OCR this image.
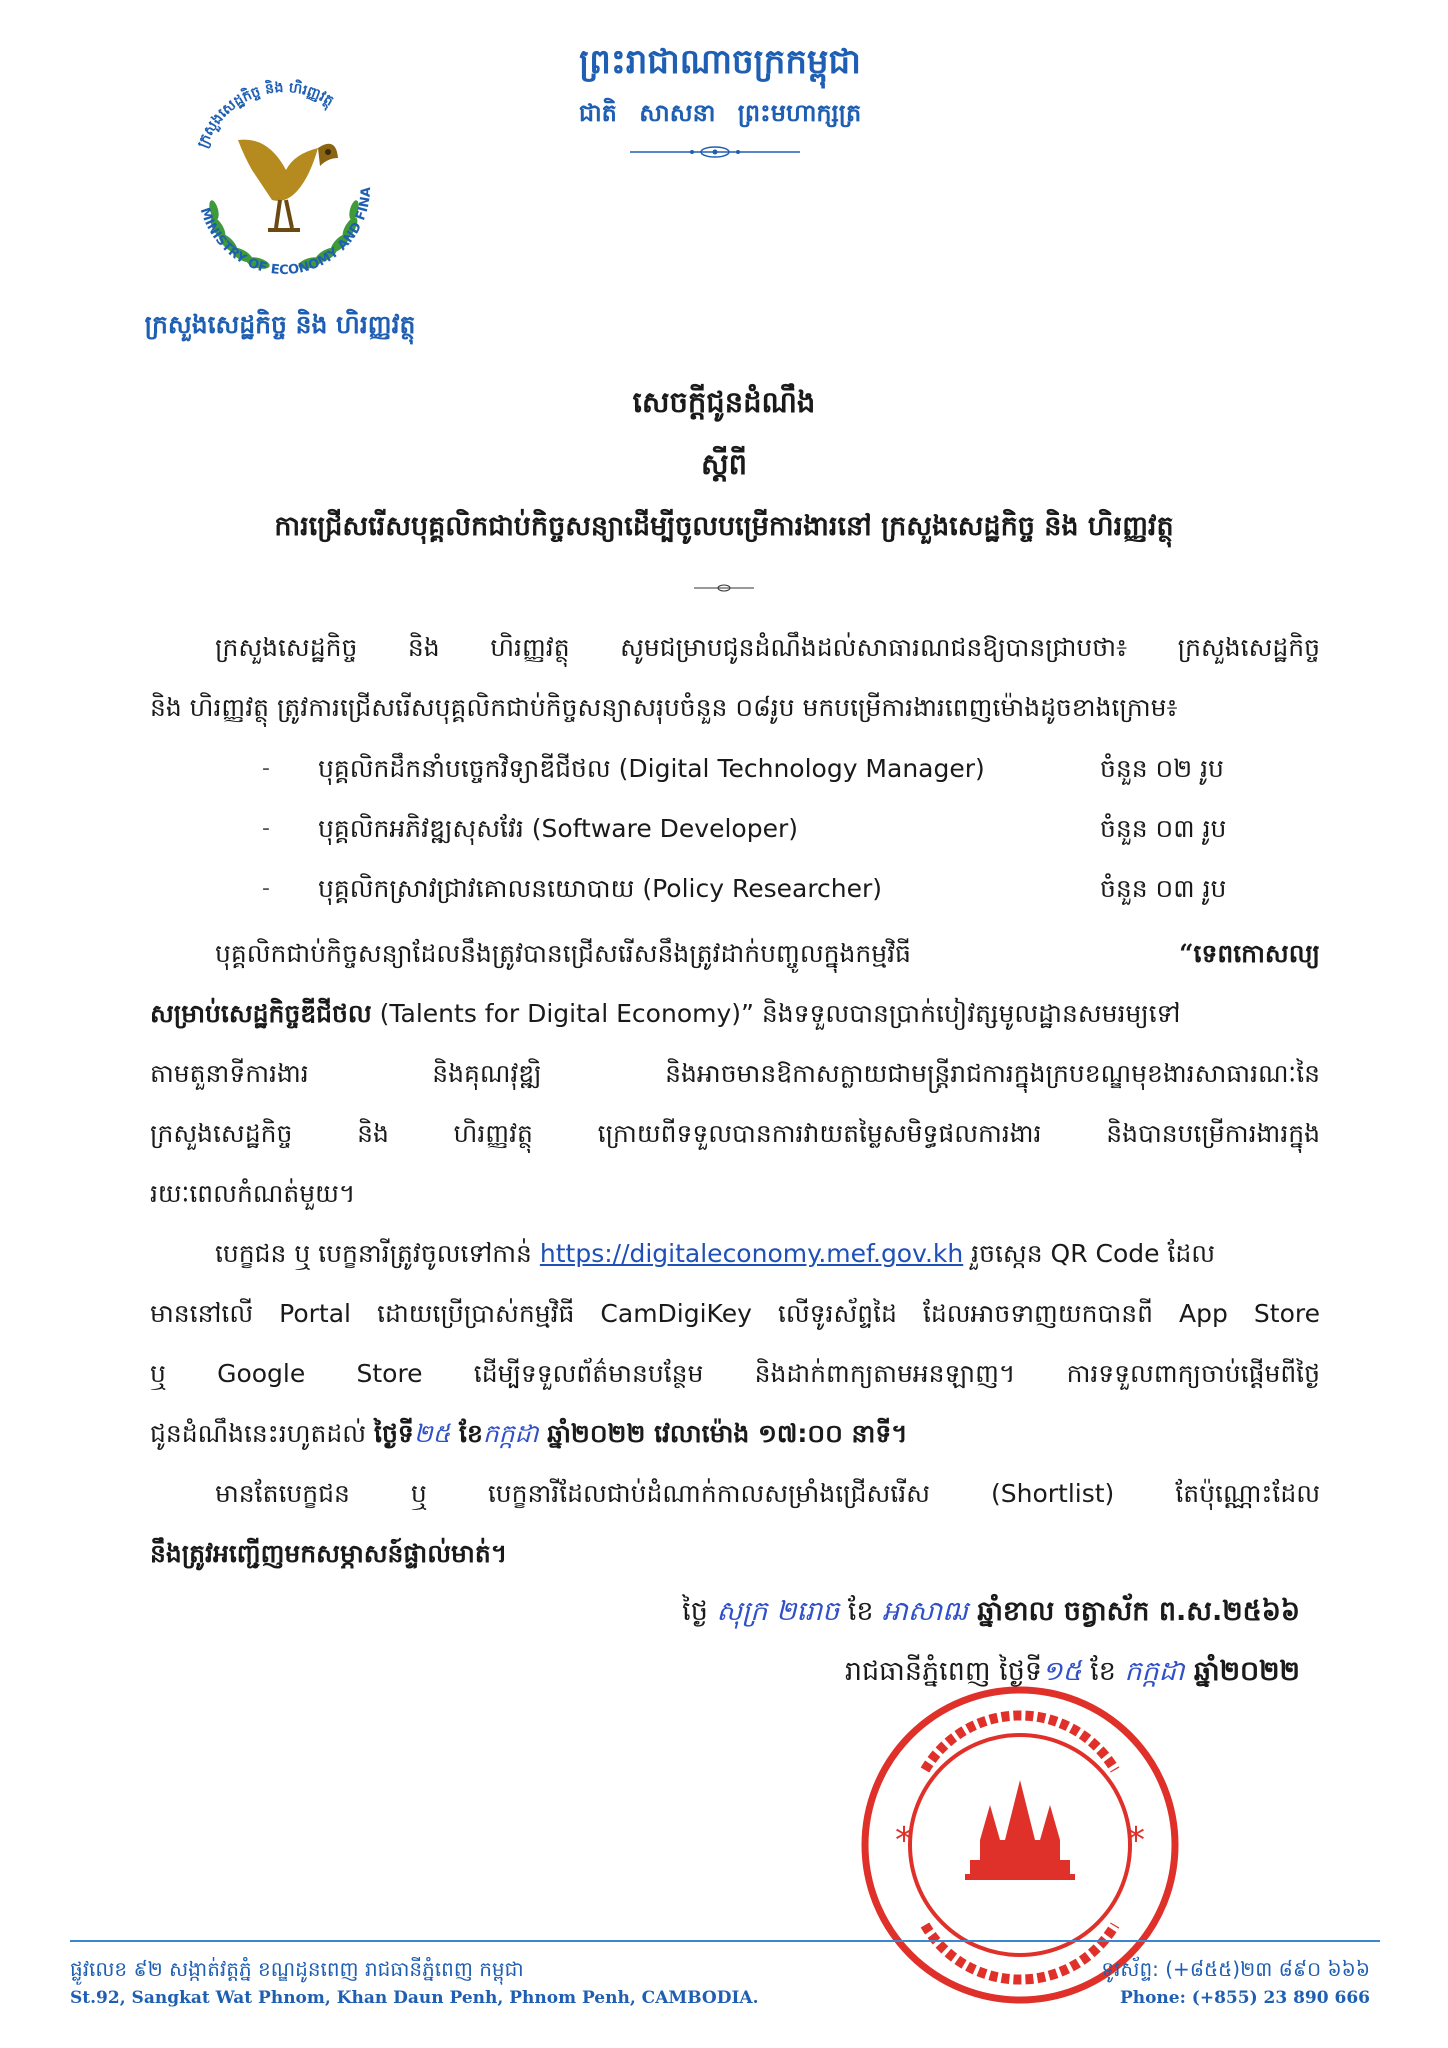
MINISTRY OF ECONOMY AND FINA
ក្រសួងសេដ្ឋកិច្ច និង ហិរញ្ញវត្ថុ
ព្រះរាជាណាចក្រកម្ពុជា
ជាតិ សាសនា ព្រះមហាក្សត្រ
ក្រសួងសេដ្ឋកិច្ច និង ហិរញ្ញវត្ថុ
សេចក្តីជូនដំណឹង
ស្តីពី
ការជ្រើសរើសបុគ្គលិកជាប់កិច្ចសន្យាដើម្បីចូលបម្រើការងារនៅ ក្រសួងសេដ្ឋកិច្ច និង ហិរញ្ញវត្ថុ
ក្រសួងសេដ្ឋកិច្ច និង ហិរញ្ញវត្ថុ សូមជម្រាបជូនដំណឹងដល់សាធារណជនឱ្យបានជ្រាបថា៖ ក្រសួងសេដ្ឋកិច្ច
និង ហិរញ្ញវត្ថុ ត្រូវការជ្រើសរើសបុគ្គលិកជាប់កិច្ចសន្យាសរុបចំនួន ០៨រូប មកបម្រើការងារពេញម៉ោងដូចខាងក្រោម៖
-	បុគ្គលិកដឹកនាំបច្ចេកវិទ្យាឌីជីថល (Digital Technology Manager)	ចំនួន ០២ រូប
-	បុគ្គលិកអភិវឌ្ឍសុសវែរ (Software Developer)	ចំនួន ០៣ រូប
-	បុគ្គលិកស្រាវជ្រាវគោលនយោបាយ (Policy Researcher)	ចំនួន ០៣ រូប
បុគ្គលិកជាប់កិច្ចសន្យាដែលនឹងត្រូវបានជ្រើសរើសនឹងត្រូវដាក់បញ្ចូលក្នុងកម្មវិធី	“ទេពកោសល្យ
សម្រាប់សេដ្ឋកិច្ចឌីជីថល (Talents for Digital Economy)” និងទទួលបានប្រាក់បៀវត្សមូលដ្ឋានសមរម្យទៅ
តាមតួនាទីការងារ និងគុណវុឌ្ឍិ និងអាចមានឱកាសក្លាយជាមន្ត្រីរាជការក្នុងក្របខណ្ឌមុខងារសាធារណៈនៃ
ក្រសួងសេដ្ឋកិច្ច និង ហិរញ្ញវត្ថុ ក្រោយពីទទួលបានការវាយតម្លៃសមិទ្ធផលការងារ និងបានបម្រើការងារក្នុង
រយៈពេលកំណត់មួយ។
បេក្ខជន ឬ បេក្ខនារីត្រូវចូលទៅកាន់ https://digitaleconomy.mef.gov.kh រួចស្កេន QR Code ដែល
មាននៅលើ Portal ដោយប្រើប្រាស់កម្មវិធី CamDigiKey លើទូរស័ព្ទដៃ ដែលអាចទាញយកបានពី App Store
ឬ Google Store ដើម្បីទទួលព័ត៌មានបន្ថែម និងដាក់ពាក្យតាមអនឡាញ។ ការទទួលពាក្យចាប់ផ្តើមពីថ្ងៃ
ជូនដំណឹងនេះរហូតដល់ ថ្ងៃទី២៥ ខែកក្កដា ឆ្នាំ២០២២ វេលាម៉ោង ១៧:០០ នាទី។
មានតែបេក្ខជន ឬ បេក្ខនារីដែលជាប់ដំណាក់កាលសម្រាំងជ្រើសរើស (Shortlist) តែប៉ុណ្ណោះដែល
នឹងត្រូវអញ្ជើញមកសម្ភាសន៍ផ្ទាល់មាត់។
ថ្ងៃ សុក្រ ២រោច ខែ អាសាឍ ឆ្នាំខាល ចត្វាស័ក ព.ស.២៥៦៦
រាជធានីភ្នំពេញ ថ្ងៃទី១៥ ខែ កក្កដា ឆ្នាំ២០២២
*	*
ផ្លូវលេខ ៩២ សង្កាត់វត្តភ្នំ ខណ្ឌដូនពេញ រាជធានីភ្នំពេញ កម្ពុជា
St.92, Sangkat Wat Phnom, Khan Daun Penh, Phnom Penh, CAMBODIA.
ទូរស័ព្ទ: (+៨៥៥)២៣ ៨៩០ ៦៦៦
Phone: (+855) 23 890 666
